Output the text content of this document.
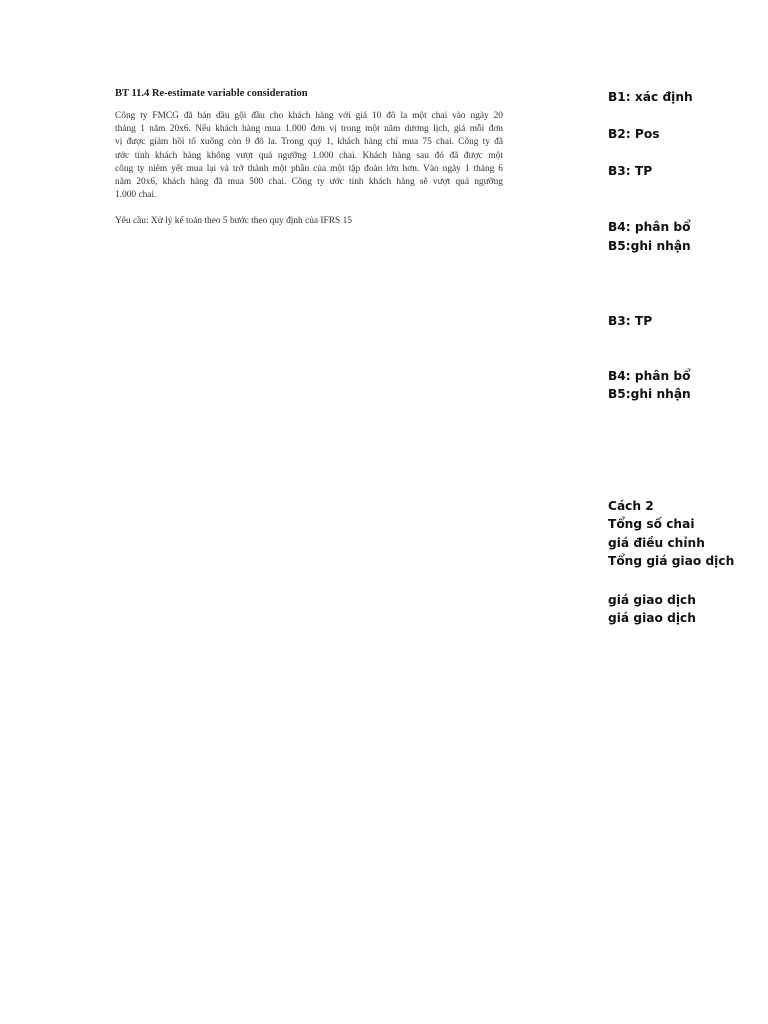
BT 11.4 Re-estimate variable consideration
Công ty FMCG đã bán dầu gội đầu cho khách hàng với giá 10 đô la một chai vào ngày 20
tháng 1 năm 20x6. Nếu khách hàng mua 1.000 đơn vị trong một năm dương lịch, giá mỗi đơn
vị được giảm hồi tố xuống còn 9 đô la. Trong quý 1, khách hàng chỉ mua 75 chai. Công ty đã
ước tính khách hàng không vượt quá ngưỡng 1.000 chai. Khách hàng sau đó đã được một
công ty niêm yết mua lại và trở thành một phần của một tập đoàn lớn hơn. Vào ngày 1 tháng 6
năm 20x6, khách hàng đã mua 500 chai. Công ty ước tính khách hàng sẽ vượt quá ngưỡng
1.000 chai.
Yêu cầu: Xử lý kế toán theo 5 bước theo quy định của IFRS 15
B1: xác định
B2: Pos
B3: TP
B4: phân bổ
B5:ghi nhận
B3: TP
B4: phân bổ
B5:ghi nhận
Cách 2
Tổng số chai
giá điều chỉnh
Tổng giá giao dịch
giá giao dịch
giá giao dịch
